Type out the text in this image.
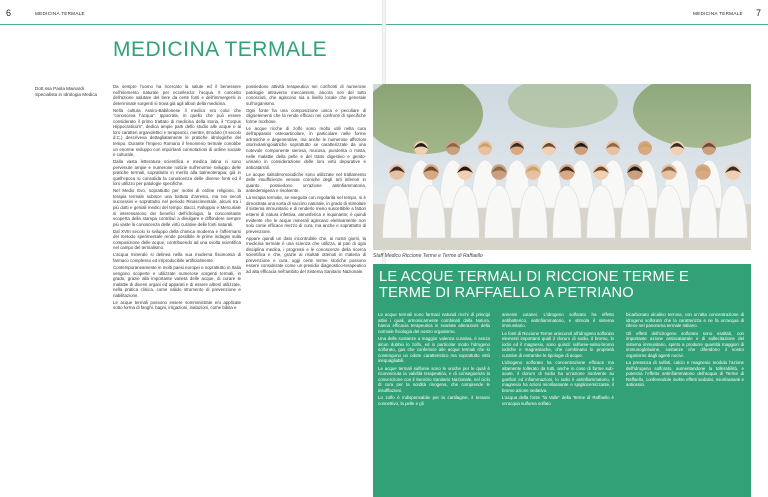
6	MEDICINA TERMALE
MEDICINA TERMALE
Dott.ssa Paola Mainardi
Specialista in Idrologia Medica

Da sempre l’uomo ha ricercato la salute ed il benessere nell’elemento naturale per eccellenza: l’acqua. Il concetto dell’azione salutare del bere da certe fonti e dell’immergersi in determinate sorgenti si trova già agli albori della medicina.

Nella cultura Assiro-Babilonese il medico era colui che “conosceva l’acqua”. Ippocrate, in quello che può essere considerato il primo trattato di medicina della storia, il “Corpus Hippocraticum”, dedica ampie parti dello studio alle acque e ai loro caratteri organolettici e terapeutici, mentre, Erodoto (II secolo d.C.) descriveva dettagliatamente le pratiche idrologiche del tempo. Durante l’Impero Romano il fenomeno termale conobbe un enorme sviluppo con importanti connotazioni di ordine sociale e culturale.

Dalla vasta letteratura scientifica e medica latina ci sono pervenute ampie e numerose notizie sull’enorme sviluppo delle pratiche termali, soprattutto in merito alla balneoterapia; già in quell’epoca si consolida la conoscenza delle diverse fonti ed il loro utilizzo per patologie specifiche.

Nel Medio Evo, soprattutto per motivi di ordine religioso, la terapia termale subisce una battuta d’arresto, ma nei secoli successivi e soprattutto nel periodo Rinascimentale, alcuni tra i più dotti e geniali medici del tempo: Bacci, Falloppio e Mercuriale si interessarono dei benefici dell’idrologia, la concomitante scoperta della stampa contribuì a divulgare e diffondere sempre più vaste la conoscenza delle virtù curative delle fonti naturali.

Dal XVIII secolo lo sviluppo della chimica moderna e l’affermarsi del metodo sperimentale rende possibile le prime indagini sulla composizione delle acque, contribuendo ad una svolta scientifica nel campo del termalismo.

L’acqua minerale si delinea nella sua moderna fisionomia di farmaco complesso ed irriproducibile artificialmente.

Contemporaneamente in molti paesi europei e soprattutto in Italia vengono scoperte e utilizzate numerose sorgenti termali, in grado, grazie alla importante varietà delle acque, di curare le malattie di diversi organi ed apparati e di essere altresì utilizzate, nella pratica clinica, come valido strumento di prevenzione e riabilitazione.

Le acque termali possono essere somministrate e/o applicate sotto forma di fanghi, bagni, irrigazioni, inalazioni, come bibita e

possiedono attività terapeutica nei confronti di numerose patologie attraverso meccanismi, ancora non del tutto conosciuti, che agiscono sia a livello locale che generale sull’organismo.

Ogni fonte ha una composizione unica e peculiare di oligoelementi che la rende efficaci nei confronti di specifiche forme morbose.

Le acque ricche di zolfo sono molto utili nella cura dell’apparato osteoarticolare, in particolare nelle forme artrosiche e degenerative, ma anche le numerose affezioni otorinolaringoiatriche soprattutto se caratterizzate da una notevole componente sierosa, mucosa, purulenta o mista, nelle malattie della pelle e del tratto digestivo e genito-urinario in considerazione delle loro virtù depurative e anticatarrali.

Le acque salsobromoiodiche sono utilizzate nel trattamento delle insufficienze venose croniche degli arti inferiori in quanto possiedono un’azione antinfiammatoria, antiedemigena e risolvente.

La terapia termale, se eseguita con regolarità nel tempo, si è dimostrata una sorta di vaccino naturale, in grado di stimolare il sistema immunitario e di renderlo meno suscettibile a fattori esterni di natura infettiva, atmosferica e inquinante; è quindi evidente che le acque minerali agiscano elettivamente non solo come efficace mezzo di cura, ma anche e soprattutto di prevenzione.

Appare quindi un dato incontrubile che, ai nostri giorni, la medicina termale è una scienza che utilizza, al pari di ogni disciplina medica, i progressi e le conoscenze della ricerca scientifica e che, grazie ai risultati ottenuti in materia di prevenzione e cura, oggi certe terme storiche possono essere considerate come un presidio diagnostico-terapeutico ad alta efficacia nell’ambito del Sistema Sanitario Nazionale.

7
MEDICINA TERMALE
Staff Medico Riccione Terme e Terme di Raffaello
LE ACQUE TERMALI DI RICCIONE TERME E TERME DI RAFFAELLO A PETRIANO

Le acque termali sono farmaci naturali ricchi di principi attivi i quali, armonicamente combinati dalla Natura, hanno efficacia terapeutica in svariate alterazioni della normale fisiologia del nostro organismo.

Una delle sostanze a maggior valenza curativa, è senza alcun dubbio lo zolfo, ed in particolar modo l’idrogeno solforato, gas che conferisce alle acque termali che lo contengono un odore caratteristico ma soprattutto virtù inequagliabili.

Le acque termali sulfuree sono le uniche per le quali è riconosciuta la validità terapeutica, e di conseguenza la convenzione con il Servizio Sanitario Nazionale, nel ciclo di cura per la sordità rinogena, che comprende le insufflazioni.

Lo zolfo è indispensabile per la cartilagine, il tessuto connettivo, la pelle e gli

annessi cutanei. L’idrogeno solforato ha effetto antibatterico, antinfiammatorio, e stimola il sistema immunitario.

Le fonti di Riccione Terme unisconol all’idrogeno solforato elementi importanti quali il cloruro di sodio, il bromo, lo iodio ed il magnesio, sono quindi: sulfuree-salso-bromo iodiche e magnesiache, che combinano le proprietà curative di entrambe le tipologie di acque.

L’idrogeno solforato ha concentrazione efficace ma altamente tollerato da tutti, anche in caso di forme sub-acute, il cloruro di sodio ha un’azione risolvente su gonfiori ed infiammazioni, lo iodio è antinfiammatorio, il magnesio ha azioni miorilassante e spigliocemizzante, il bromo azione sedativa.

L’acqua della fonte “la Valle” della Terme di Raffaello è un’acqua sulfurea solfato

bicarbonato alcalino terrosa, con un’alta concentrazione di idrogeno solforato che la caratterizza e ne fa un’acqua di rilievo nel panorama termale italiano.

Gli effetti dell’idrogeno solforato sono esaltati, con importante azione antiscatarrale e di sollecitazione del sistema immunitario, spinto a produrre quantità maggiori di immunoglobuline, sostanze che difendono il nostro organismo dagli agenti nocivi.

La presenza di solfati, calcio e magnesio modula l’azione dell’idrogeno solforato, aumentandone la tollerabilità, e potenzia l’effetto antinfiammatorio dell’acqua di Terme di Raffaello, conferendole inoltre effetti sedativi, miorilassanti e antiossici.
